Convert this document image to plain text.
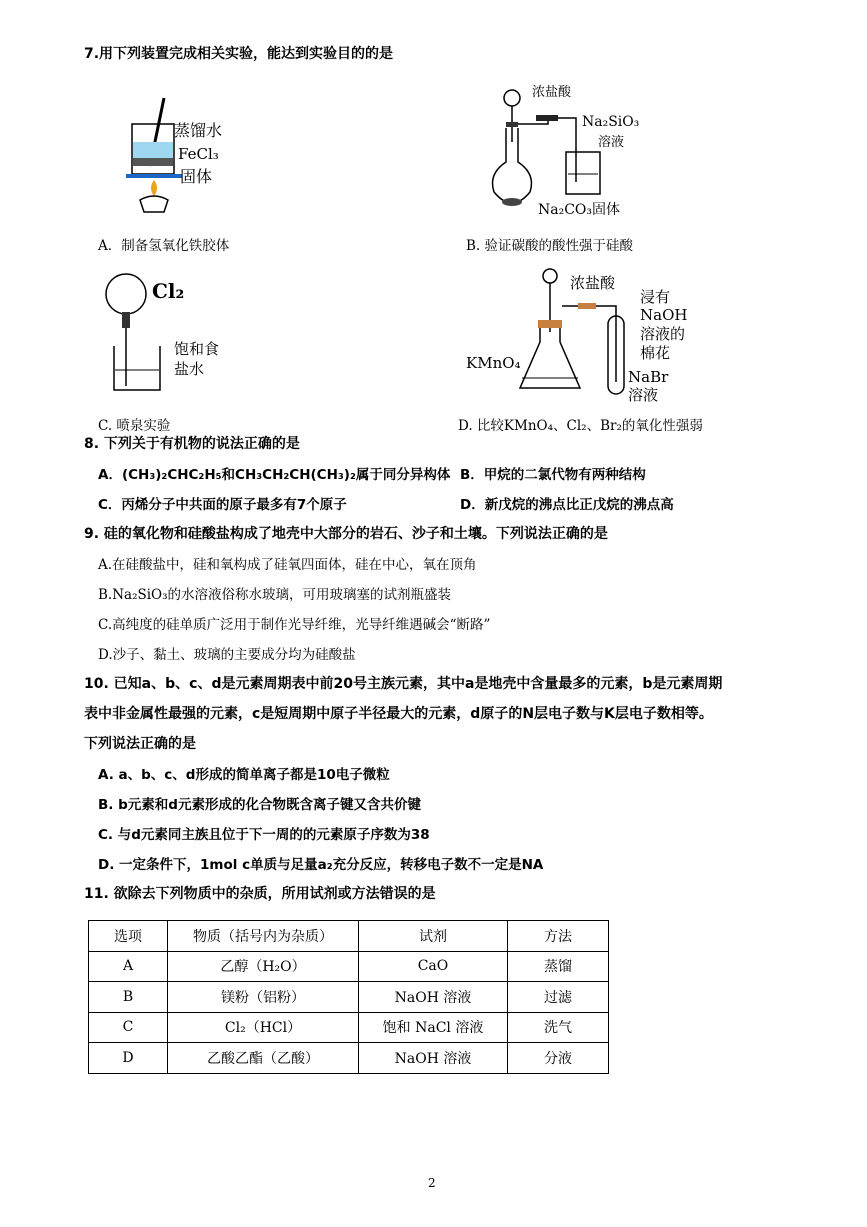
7.用下列装置完成相关实验，能达到实验目的的是
蒸馏水
FeCl₃
固体
浓盐酸
Na₂SiO₃
溶液
Na₂CO₃固体
A．制备氢氧化铁胶体	B. 验证碳酸的酸性强于硅酸
Cl₂
饱和食
盐水
浓盐酸
浸有
NaOH
溶液的
棉花
KMnO₄
NaBr
溶液
C. 喷泉实验	D. 比较KMnO₄、Cl₂、Br₂的氧化性强弱
8. 下列关于有机物的说法正确的是
A．(CH₃)₂CHC₂H₅和CH₃CH₂CH(CH₃)₂属于同分异构体 B．甲烷的二氯代物有两种结构
C．丙烯分子中共面的原子最多有7个原子	D．新戊烷的沸点比正戊烷的沸点高
9. 硅的氧化物和硅酸盐构成了地壳中大部分的岩石、沙子和土壤。下列说法正确的是
A.在硅酸盐中，硅和氧构成了硅氧四面体，硅在中心，氧在顶角
B.Na₂SiO₃的水溶液俗称水玻璃，可用玻璃塞的试剂瓶盛装
C.高纯度的硅单质广泛用于制作光导纤维，光导纤维遇碱会“断路”
D.沙子、黏土、玻璃的主要成分均为硅酸盐
10. 已知a、b、c、d是元素周期表中前20号主族元素，其中a是地壳中含量最多的元素，b是元素周期
表中非金属性最强的元素，c是短周期中原子半径最大的元素，d原子的N层电子数与K层电子数相等。
下列说法正确的是
A. a、b、c、d形成的简单离子都是10电子微粒
B. b元素和d元素形成的化合物既含离子键又含共价键
C. 与d元素同主族且位于下一周的的元素原子序数为38
D. 一定条件下，1mol c单质与足量a₂充分反应，转移电子数不一定是NA
11. 欲除去下列物质中的杂质，所用试剂或方法错误的是
选项	物质（括号内为杂质）	试剂	方法
A	乙醇（H₂O）	CaO	蒸馏
B	镁粉（铝粉）	NaOH 溶液	过滤
C	Cl₂（HCl）	饱和 NaCl 溶液	洗气
D	乙酸乙酯（乙酸）	NaOH 溶液	分液
2
